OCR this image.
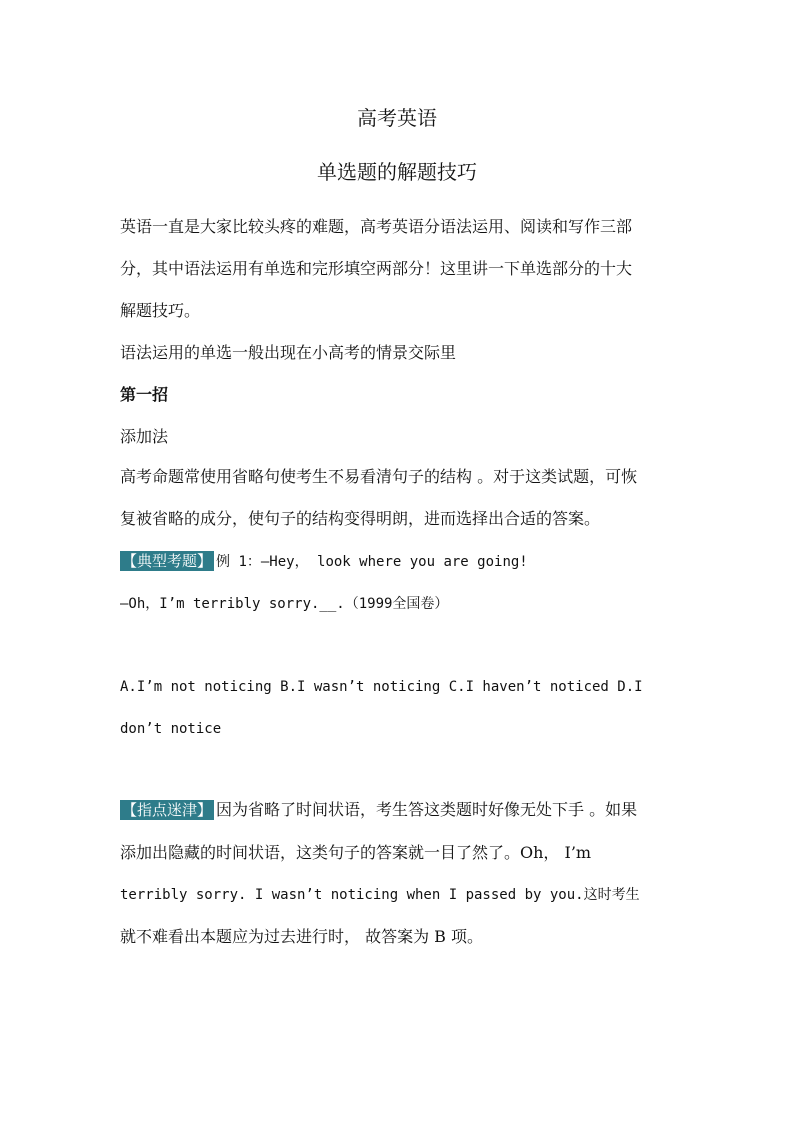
高考英语
单选题的解题技巧
英语一直是大家比较头疼的难题，高考英语分语法运用、阅读和写作三部
分，其中语法运用有单选和完形填空两部分！这里讲一下单选部分的十大
解题技巧。
语法运用的单选一般出现在小高考的情景交际里
第一招
添加法
高考命题常使用省略句使考生不易看清句子的结构 。对于这类试题，可恢
复被省略的成分，使句子的结构变得明朗，进而选择出合适的答案。
【典型考题】 例 1：—Hey， look where you are going!
—Oh，I’m terribly sorry.__.（1999全国卷）
A.I’m not noticing B.I wasn’t noticing C.I haven’t noticed D.I
don’t notice
【指点迷津】 因为省略了时间状语，考生答这类题时好像无处下手 。如果
添加出隐藏的时间状语，这类句子的答案就一目了然了。Oh， I’m
terribly sorry. I wasn’t noticing when I passed by you.这时考生
就不难看出本题应为过去进行时， 故答案为 B 项。
